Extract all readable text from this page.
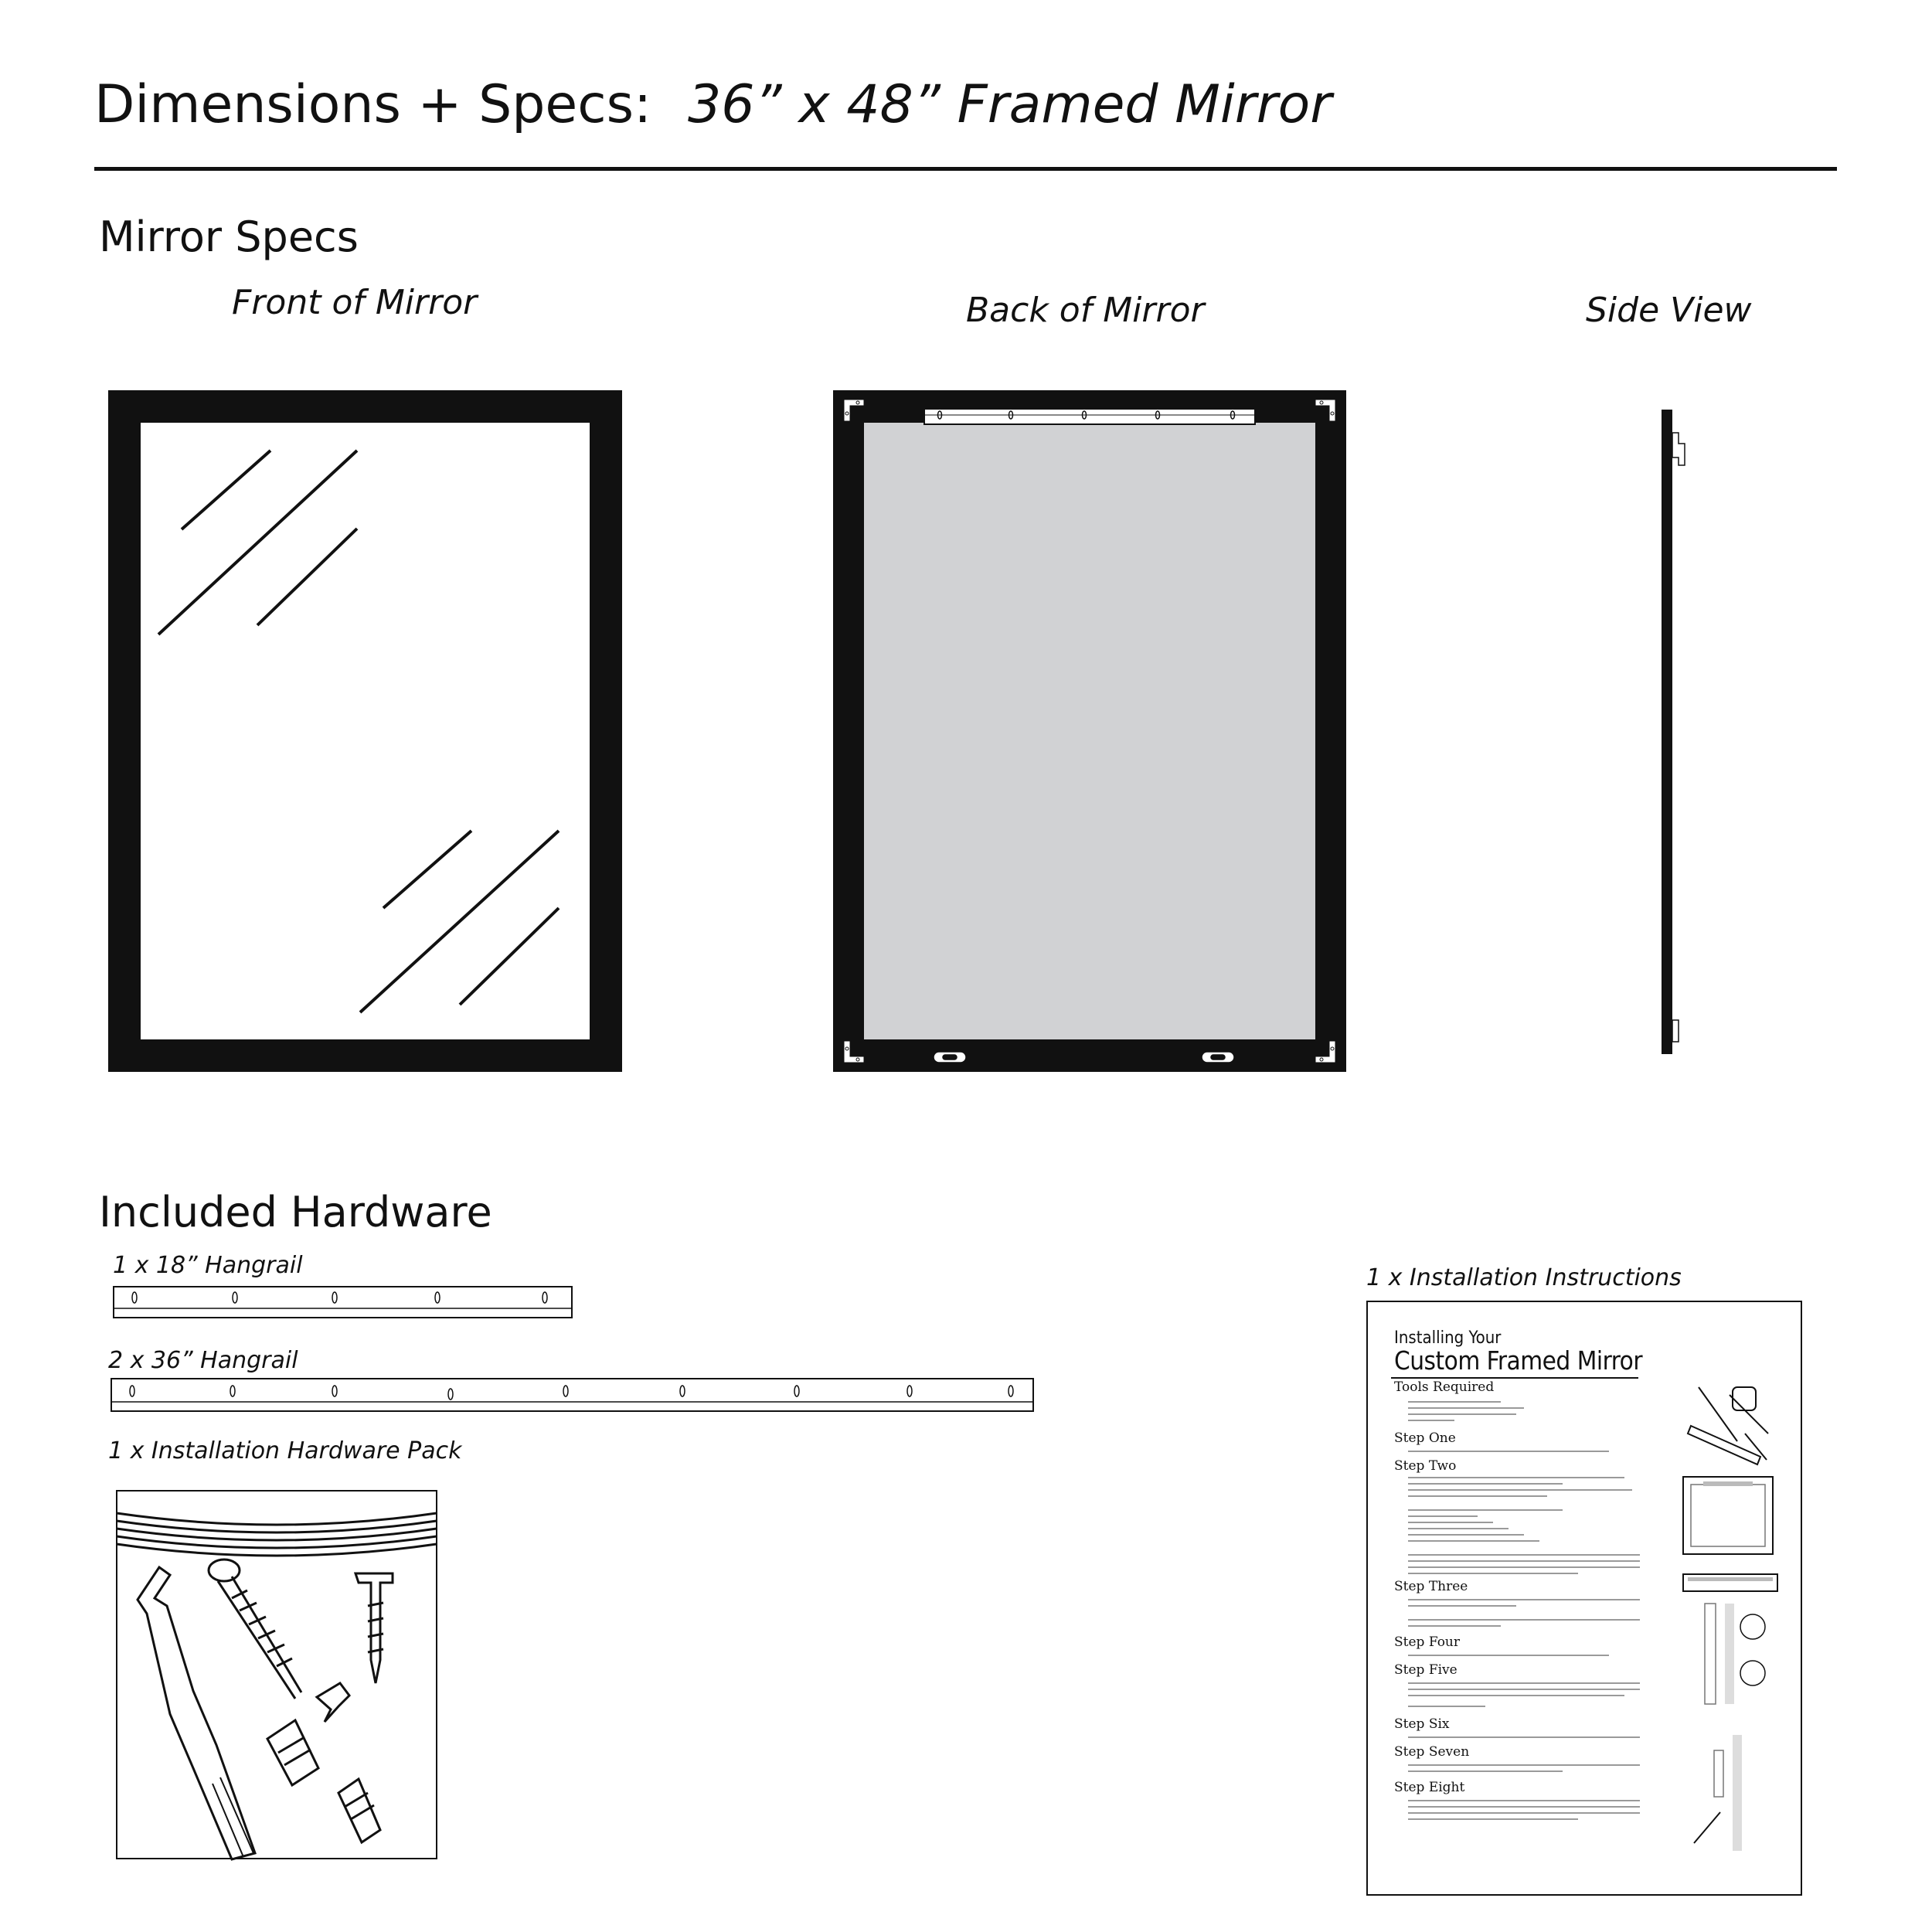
Dimensions + Specs: 36” x 48” Framed Mirror
Mirror Specs
Front of Mirror	Back of Mirror	Side View
Included Hardware
1 x 18” Hangrail
2 x 36” Hangrail
1 x Installation Hardware Pack
1 x Installation Instructions
Installing Your
Custom Framed Mirror
Tools Required
Step One
Step Two
Step Three
Step Four
Step Five
Step Six
Step Seven
Step Eight
